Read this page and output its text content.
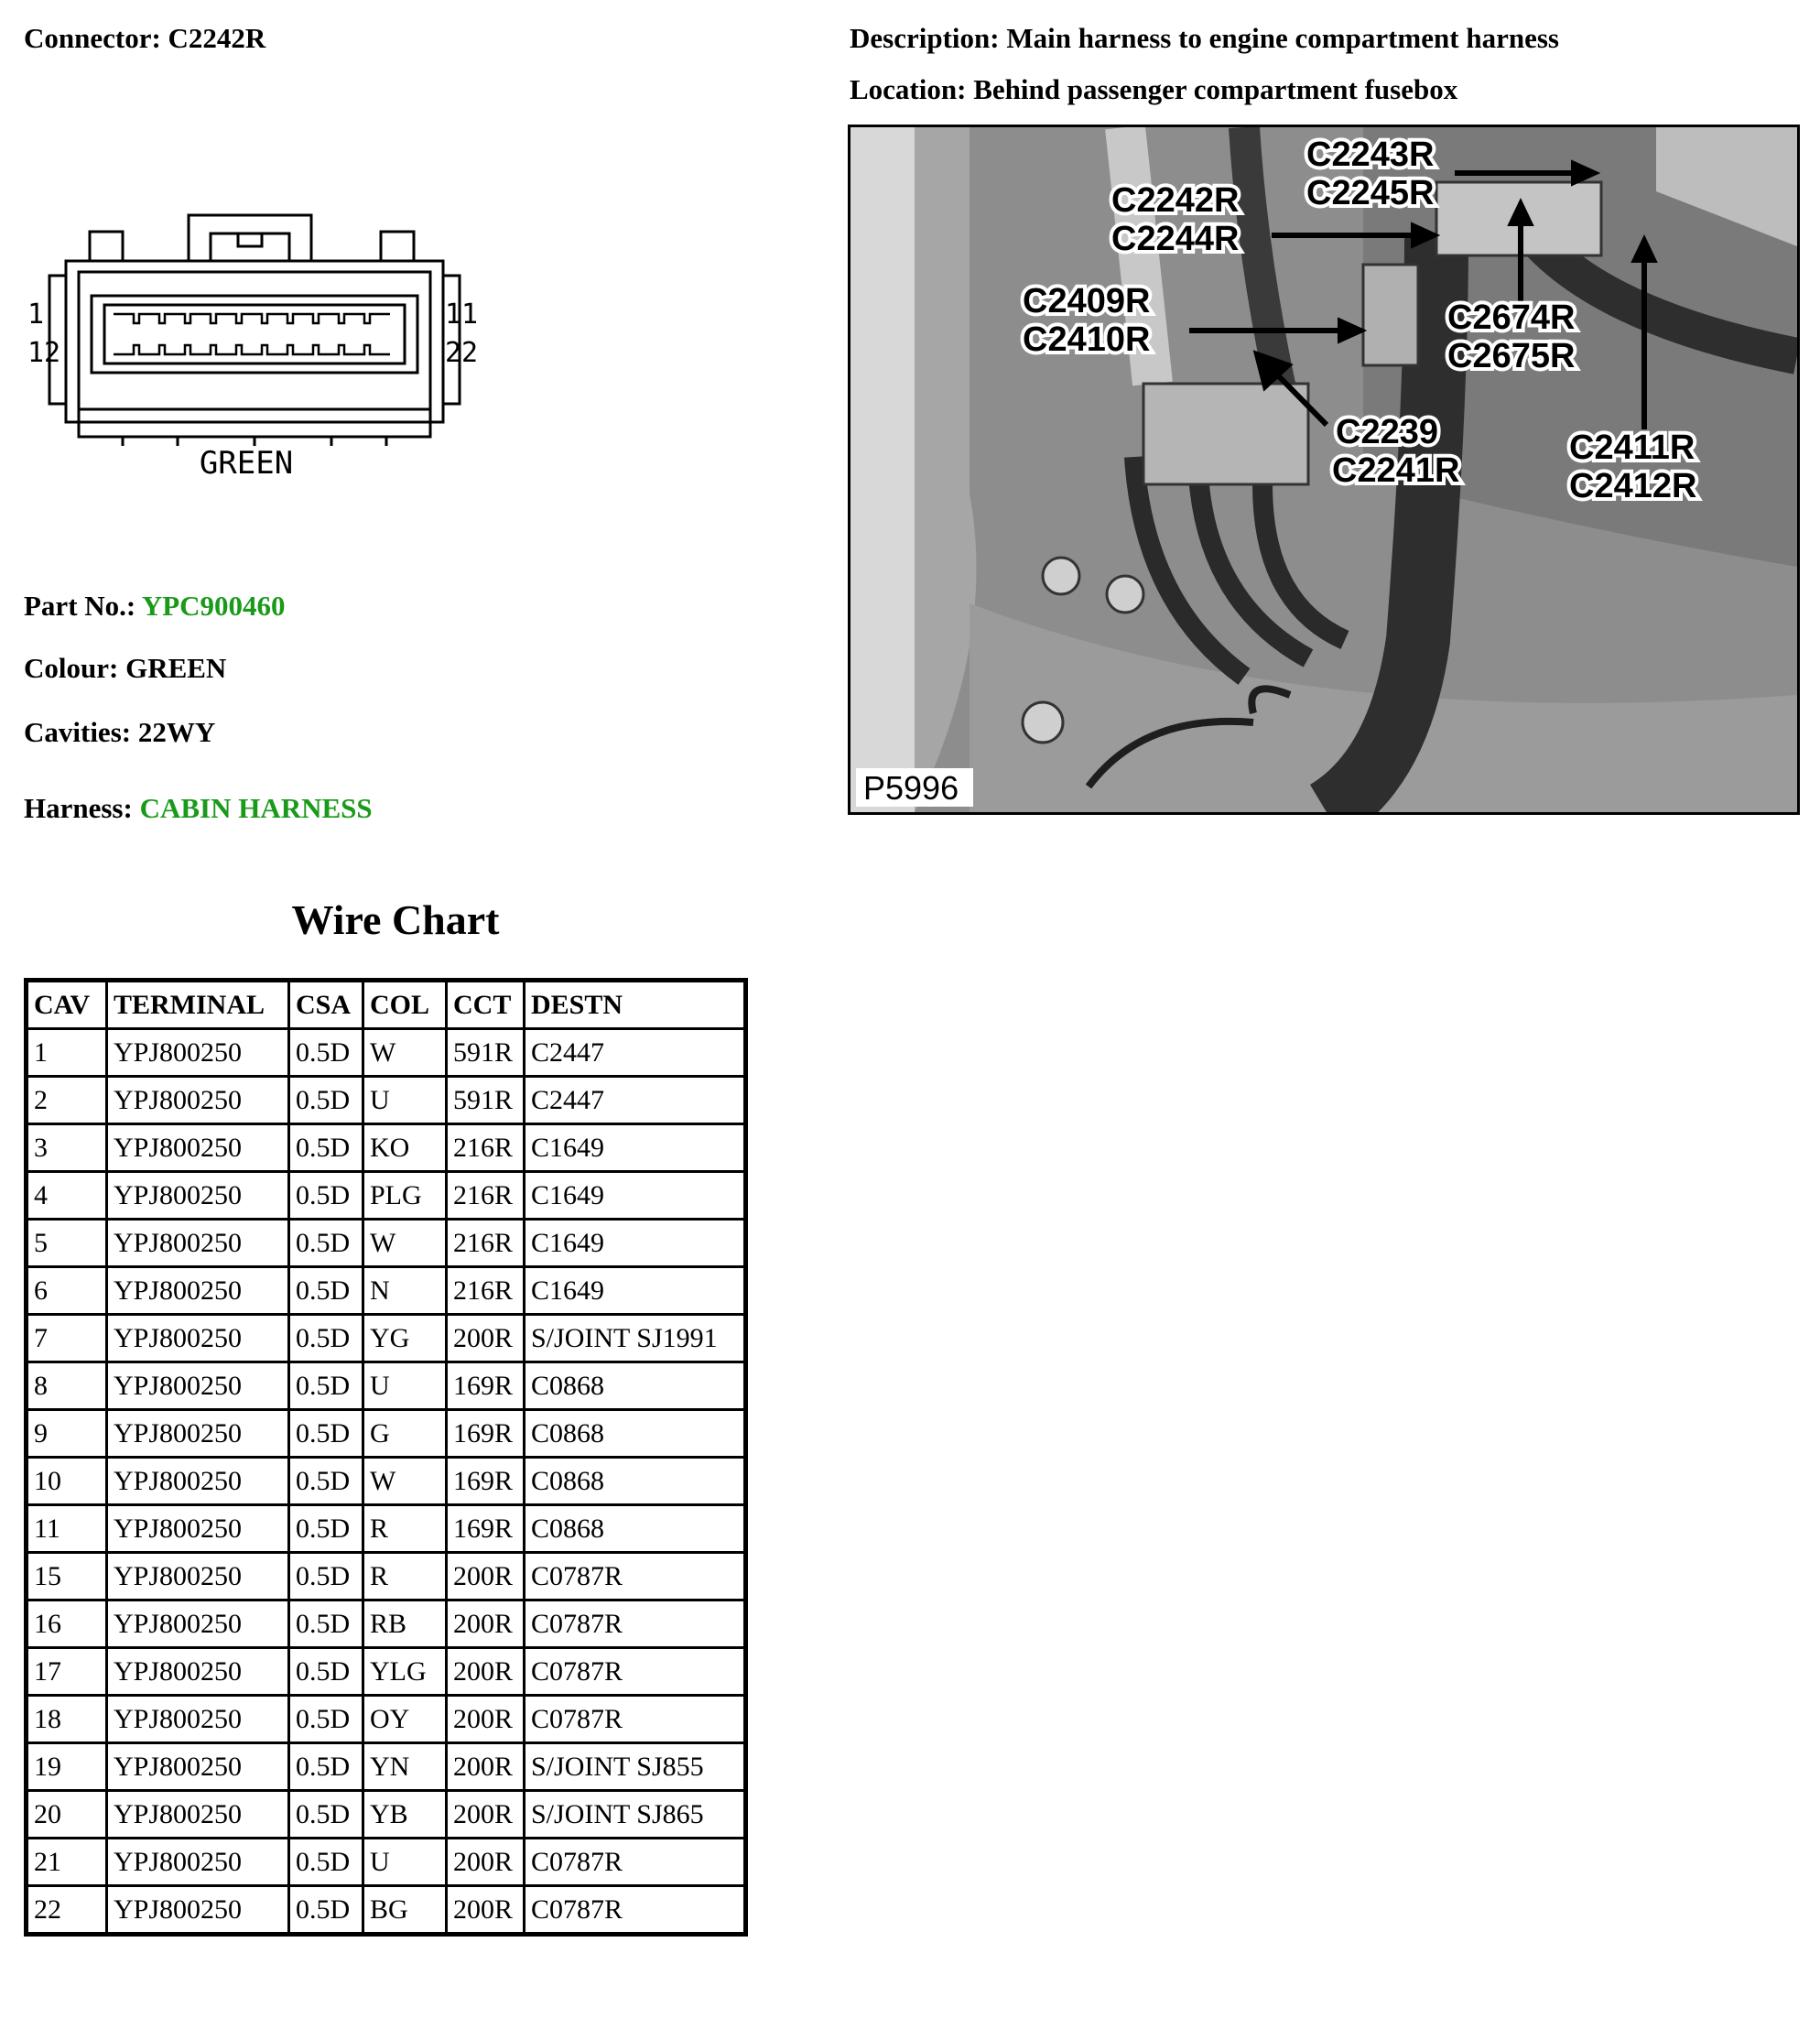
Connector: C2242R	Description: Main harness to engine compartment harness
Location: Behind passenger compartment fusebox
1
12
11
22
GREEN
C2243R
C2245R
C2242R
C2244R
C2409R
C2410R
C2674R
C2675R
C2239
C2241R
C2411R
C2412R
P5996
Part No.: YPC900460
Colour: GREEN
Cavities: 22WY
Harness: CABIN HARNESS
Wire Chart
CAV	TERMINAL	CSA	COL	CCT	DESTN
1	YPJ800250	0.5D	W	591R	C2447
2	YPJ800250	0.5D	U	591R	C2447
3	YPJ800250	0.5D	KO	216R	C1649
4	YPJ800250	0.5D	PLG	216R	C1649
5	YPJ800250	0.5D	W	216R	C1649
6	YPJ800250	0.5D	N	216R	C1649
7	YPJ800250	0.5D	YG	200R	S/JOINT SJ1991
8	YPJ800250	0.5D	U	169R	C0868
9	YPJ800250	0.5D	G	169R	C0868
10	YPJ800250	0.5D	W	169R	C0868
11	YPJ800250	0.5D	R	169R	C0868
15	YPJ800250	0.5D	R	200R	C0787R
16	YPJ800250	0.5D	RB	200R	C0787R
17	YPJ800250	0.5D	YLG	200R	C0787R
18	YPJ800250	0.5D	OY	200R	C0787R
19	YPJ800250	0.5D	YN	200R	S/JOINT SJ855
20	YPJ800250	0.5D	YB	200R	S/JOINT SJ865
21	YPJ800250	0.5D	U	200R	C0787R
22	YPJ800250	0.5D	BG	200R	C0787R
